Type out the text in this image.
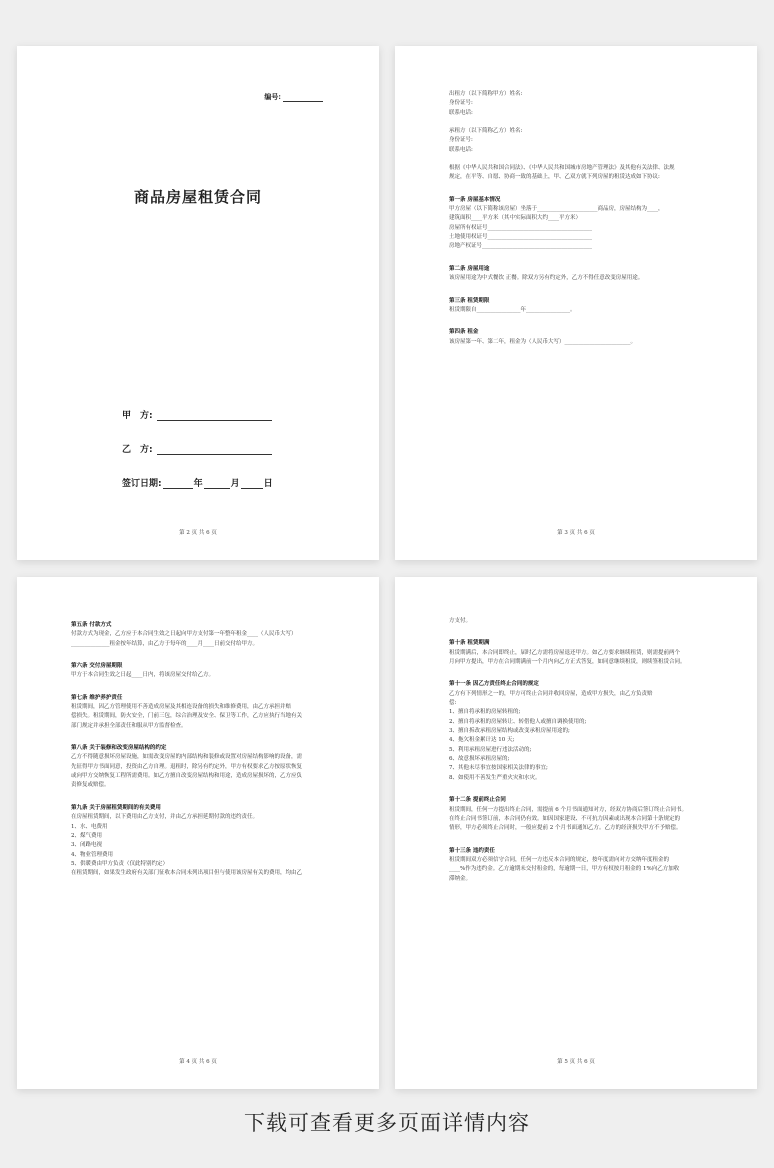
编号:
商品房屋租赁合同
甲　方:
乙　方:
签订日期:	年	月	日
第 2 页 共 6 页
出租方（以下简称甲方）姓名:
身份证号:
联系电话:
承租方（以下简称乙方）姓名:
身份证号:
联系电话:
根据《中华人民共和国合同法》、《中华人民共和国城市房地产管理法》及其他有关法律、法规
规定，在平等、自愿、协商一致的基础上，甲、乙双方就下列房屋的租赁达成如下协议:
第一条 房屋基本情况
甲方房屋（以下简称该房屋）坐落于______________________商品房，房屋结构为____，
建筑面积____平方米（其中实际面积大约____平方米）
房屋所有权证号______________________________________
土地使用权证号______________________________________
房地产权证号________________________________________
第二条 房屋用途
该房屋用途为中式餐饮 正餐。除双方另有约定外，乙方不得任意改变房屋用途。
第三条 租赁期限
租赁期限自________________年________________。
第四条 租金
该房屋第一年、第二年，租金为（人民币大写）________________________。
第 3 页 共 6 页
第五条 付款方式
付款方式为现金，乙方应于本合同生效之日起向甲方支付第一年整年租金____（人民币大写）
______________租金按年结算，由乙方于每年的____月____日前交付给甲方。
第六条 交付房屋期限
甲方于本合同生效之日起____日内，将该房屋交付给乙方。
第七条 维护养护责任
租赁期间，因乙方管理使用不善造成房屋及其相连设备的损失和维修费用，由乙方承担并赔
偿损失。租赁期间，防火安全，门前三包，综合治理及安全、保卫等工作，乙方应执行当地有关
部门规定并承担全部责任和服从甲方监督检查。
第八条 关于装修和改变房屋结构的约定
乙方不得随意损坏房屋设施，如需改变房屋的内部结构和装修或设置对房屋结构影响的设备，需
先征得甲方书面同意，投资由乙方自理。退租时，除另有约定外，甲方有权要求乙方按原状恢复
或向甲方交纳恢复工程所需费用。如乙方擅自改变房屋结构和用途，造成房屋损坏的，乙方应负
责修复或赔偿。
第九条 关于房屋租赁期间的有关费用
在房屋租赁期间，以下费用由乙方支付，并由乙方承担延期付款的违约责任。
1、水、电费用
2、煤气费用
3、闭路电视
4、物业管理费用
5、供暖费由甲方负责（仅此特别约定）
在租赁期间，如果发生政府有关部门征收本合同未列出项目但与使用该房屋有关的费用，均由乙
第 4 页 共 6 页
方支付。
第十条 租赁期满
租赁期满后，本合同即终止，届时乙方需将房屋退还甲方。如乙方要求继续租赁，则需提前两个
月向甲方提出，甲方在合同期满前一个月内向乙方正式答复，如同意继续租赁，则续签租赁合同。
第十一条 因乙方责任终止合同的规定
乙方有下列情形之一的，甲方可终止合同并收回房屋，造成甲方损失，由乙方负责赔
偿:
1、擅自将承租的房屋转租的;
2、擅自将承租的房屋转让、转借他人或擅自调换使用的;
3、擅自拆改承租房屋结构或改变承租房屋用途的;
4、拖欠租金累计达 10 天;
5、利用承租房屋进行违法活动的;
6、故意损坏承租房屋的;
7、其他未尽事宜按国家相关法律的事宜;
8、如使用不善发生严重火灾和水灾。
第十二条 提前终止合同
租赁期间，任何一方提出终止合同，需提前 6 个月书面通知对方，经双方协商后签订终止合同书。
在终止合同书签订前，本合同仍有效。如因国家建设、不可抗力因素或出现本合同第十条规定的
情形，甲方必须终止合同时，一般应提前 2 个月书面通知乙方。乙方的经济损失甲方不予赔偿。
第十三条 违约责任
租赁期间双方必须信守合同，任何一方违反本合同的规定，按年度需向对方交纳年度租金的
____%作为违约金。乙方逾期未交付租金的，每逾期一日，甲方有权按月租金的 1%向乙方加收
滞纳金。
第 5 页 共 6 页
下载可查看更多页面详情内容
